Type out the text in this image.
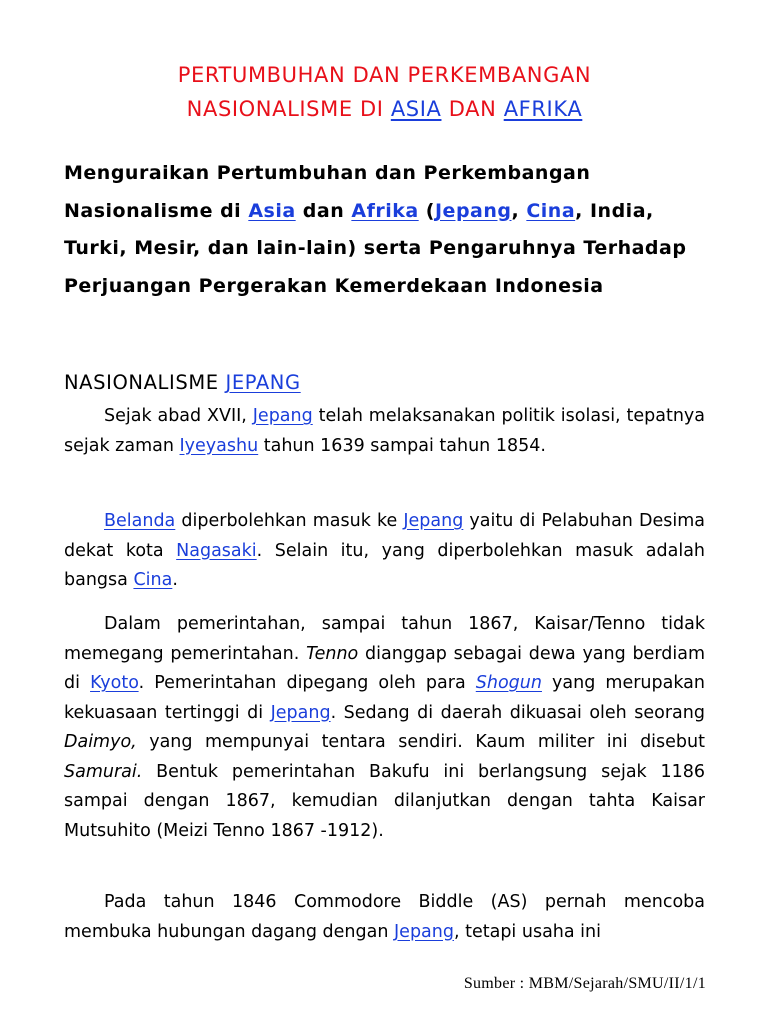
PERTUMBUHAN DAN PERKEMBANGAN
NASIONALISME DI ASIA DAN AFRIKA
Menguraikan Pertumbuhan dan Perkembangan Nasionalisme di Asia dan Afrika (Jepang, Cina, India, Turki, Mesir, dan lain-lain) serta Pengaruhnya Terhadap Perjuangan Pergerakan Kemerdekaan Indonesia
NASIONALISME JEPANG
Sejak abad XVII, Jepang telah melaksanakan politik isolasi, tepatnya sejak zaman Iyeyashu tahun 1639 sampai tahun 1854.
Belanda diperbolehkan masuk ke Jepang yaitu di Pelabuhan Desima dekat kota Nagasaki. Selain itu, yang diperbolehkan masuk adalah bangsa Cina.
Dalam pemerintahan, sampai tahun 1867, Kaisar/Tenno tidak memegang pemerintahan. Tenno dianggap sebagai dewa yang berdiam di Kyoto. Pemerintahan dipegang oleh para Shogun yang merupakan kekuasaan tertinggi di Jepang. Sedang di daerah dikuasai oleh seorang Daimyo, yang mempunyai tentara sendiri. Kaum militer ini disebut Samurai. Bentuk pemerintahan Bakufu ini berlangsung sejak 1186 sampai dengan 1867, kemudian dilanjutkan dengan tahta Kaisar Mutsuhito (Meizi Tenno 1867 -1912).
Pada tahun 1846 Commodore Biddle (AS) pernah mencoba membuka hubungan dagang dengan Jepang, tetapi usaha ini
Sumber : MBM/Sejarah/SMU/II/1/1
